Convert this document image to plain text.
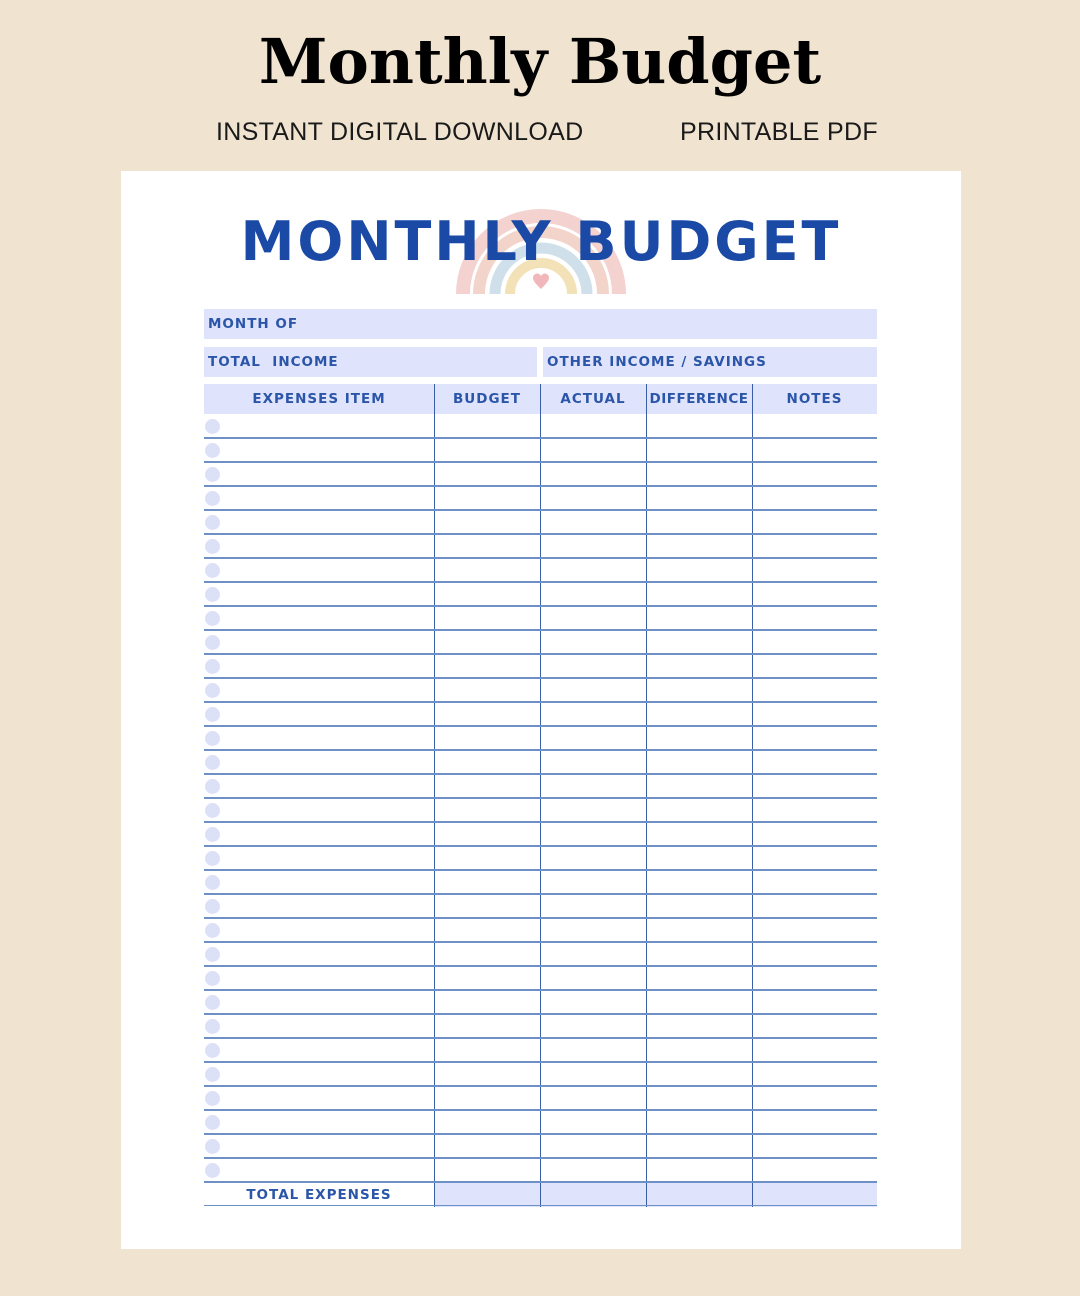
Monthly Budget
INSTANT DIGITAL DOWNLOAD	PRINTABLE PDF
MONTHLY BUDGET
MONTH OF
TOTAL  INCOME	OTHER INCOME / SAVINGS
EXPENSES ITEM	BUDGET	ACTUAL	DIFFERENCE	NOTES
TOTAL EXPENSES
